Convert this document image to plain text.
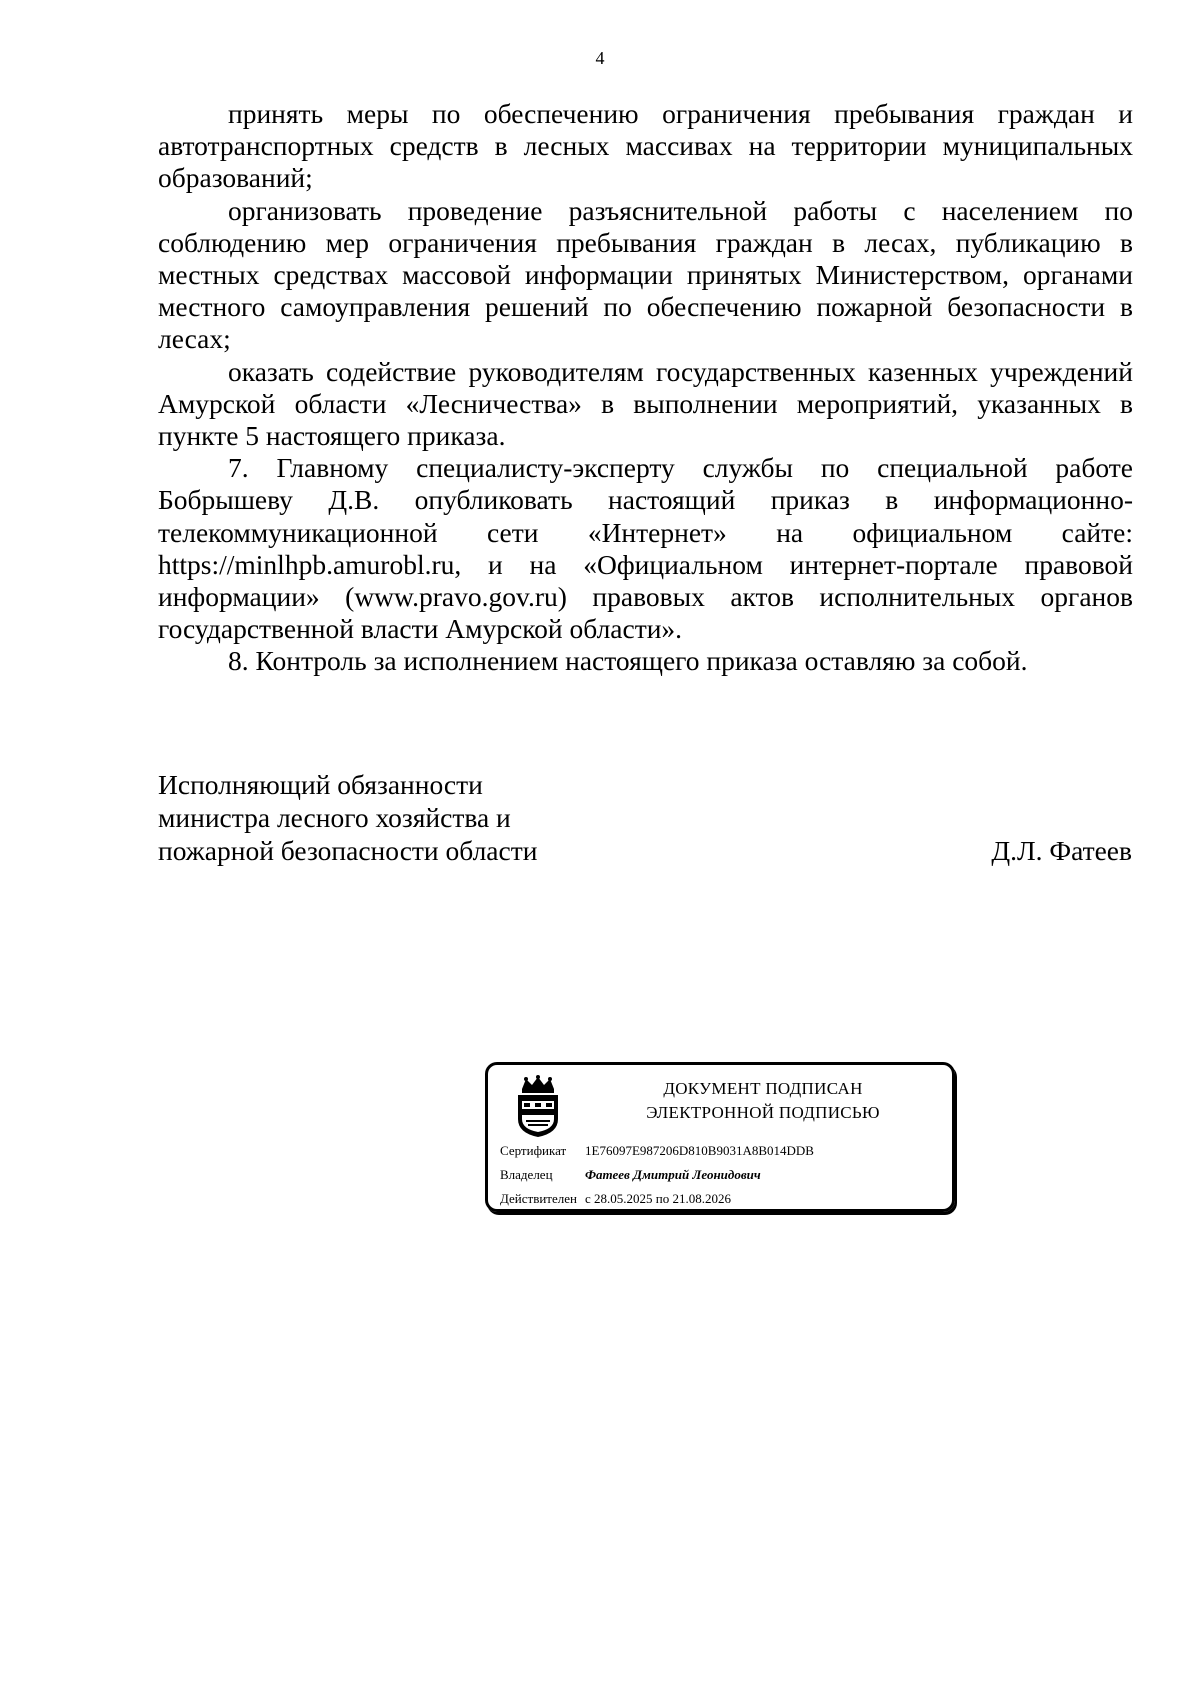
4

принять меры по обеспечению ограничения пребывания граждан и автотранспортных средств в лесных массивах на территории муниципальных образований;

организовать проведение разъяснительной работы с населением по соблюдению мер ограничения пребывания граждан в лесах, публикацию в местных средствах массовой информации принятых Министерством, органами местного самоуправления решений по обеспечению пожарной безопасности в лесах;

оказать содействие руководителям государственных казенных учреждений Амурской области «Лесничества» в выполнении мероприятий, указанных в пункте 5 настоящего приказа.

7. Главному специалисту-эксперту службы по специальной работе Бобрышеву Д.В. опубликовать настоящий приказ в информационно-телекоммуникационной сети «Интернет» на официальном сайте: https://minlhpb.amurobl.ru, и на «Официальном интернет-портале правовой информации» (www.pravo.gov.ru) правовых актов исполнительных органов государственной власти Амурской области».

8. Контроль за исполнением настоящего приказа оставляю за собой.

Исполняющий обязанности
министра лесного хозяйства и
пожарной безопасности области	Д.Л. Фатеев
ДОКУМЕНТ ПОДПИСАН
ЭЛЕКТРОННОЙ ПОДПИСЬЮ
Сертификат 1E76097E987206D810B9031A8B014DDB
Владелец Фатеев Дмитрий Леонидович
Действителен с 28.05.2025 по 21.08.2026
